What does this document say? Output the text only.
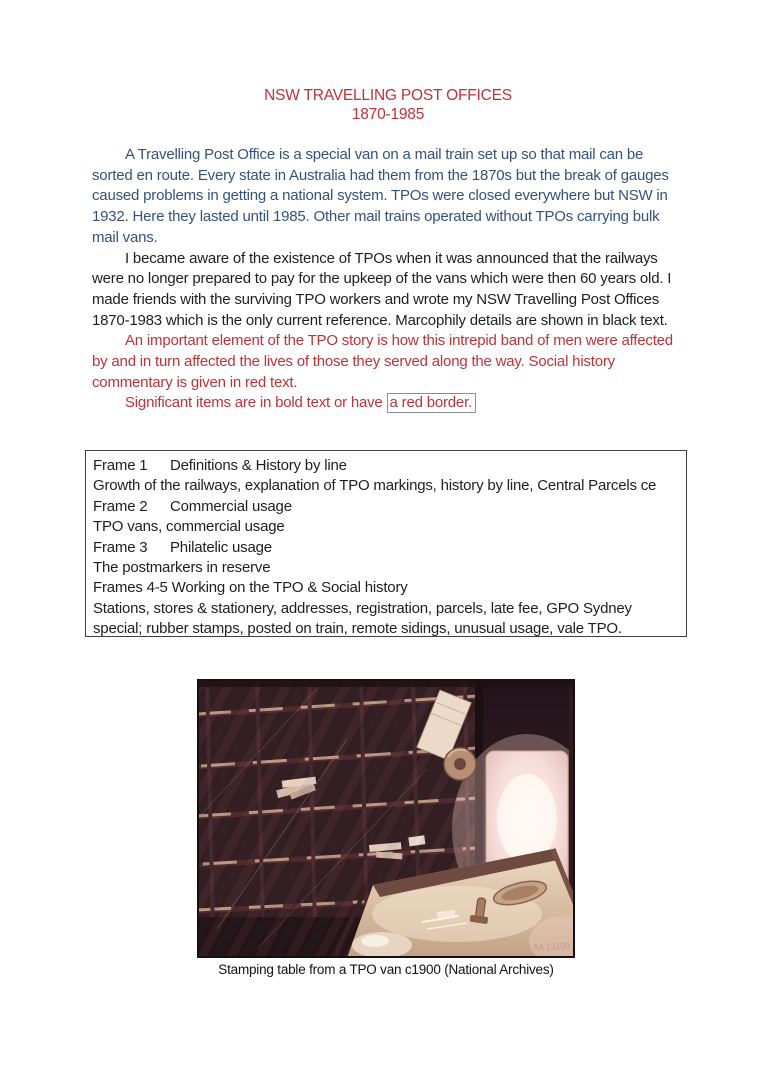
NSW TRAVELLING POST OFFICES
1870-1985

A Travelling Post Office is a special van on a mail train set up so that mail can be sorted en route. Every state in Australia had them from the 1870s but the break of gauges caused problems in getting a national system. TPOs were closed everywhere but NSW in 1932. Here they lasted until 1985. Other mail trains operated without TPOs carrying bulk mail vans.

I became aware of the existence of TPOs when it was announced that the railways were no longer prepared to pay for the upkeep of the vans which were then 60 years old. I made friends with the surviving TPO workers and wrote my NSW Travelling Post Offices 1870-1983 which is the only current reference. Marcophily details are shown in black text.

An important element of the TPO story is how this intrepid band of men were affected by and in turn affected the lives of those they served along the way. Social history commentary is given in red text.

Significant items are in bold text or have a red border.

Frame 1 Definitions & History by line
Growth of the railways, explanation of TPO markings, history by line, Central Parcels ce
Frame 2 Commercial usage
TPO vans, commercial usage
Frame 3 Philatelic usage
The postmarkers in reserve
Frames 4-5 Working on the TPO & Social history
Stations, stores & stationery, addresses, registration, parcels, late fee, GPO Sydney special; rubber stamps, posted on train, remote sidings, unusual usage, vale TPO.
AA 13100 2
Stamping table from a TPO van c1900 (National Archives)
